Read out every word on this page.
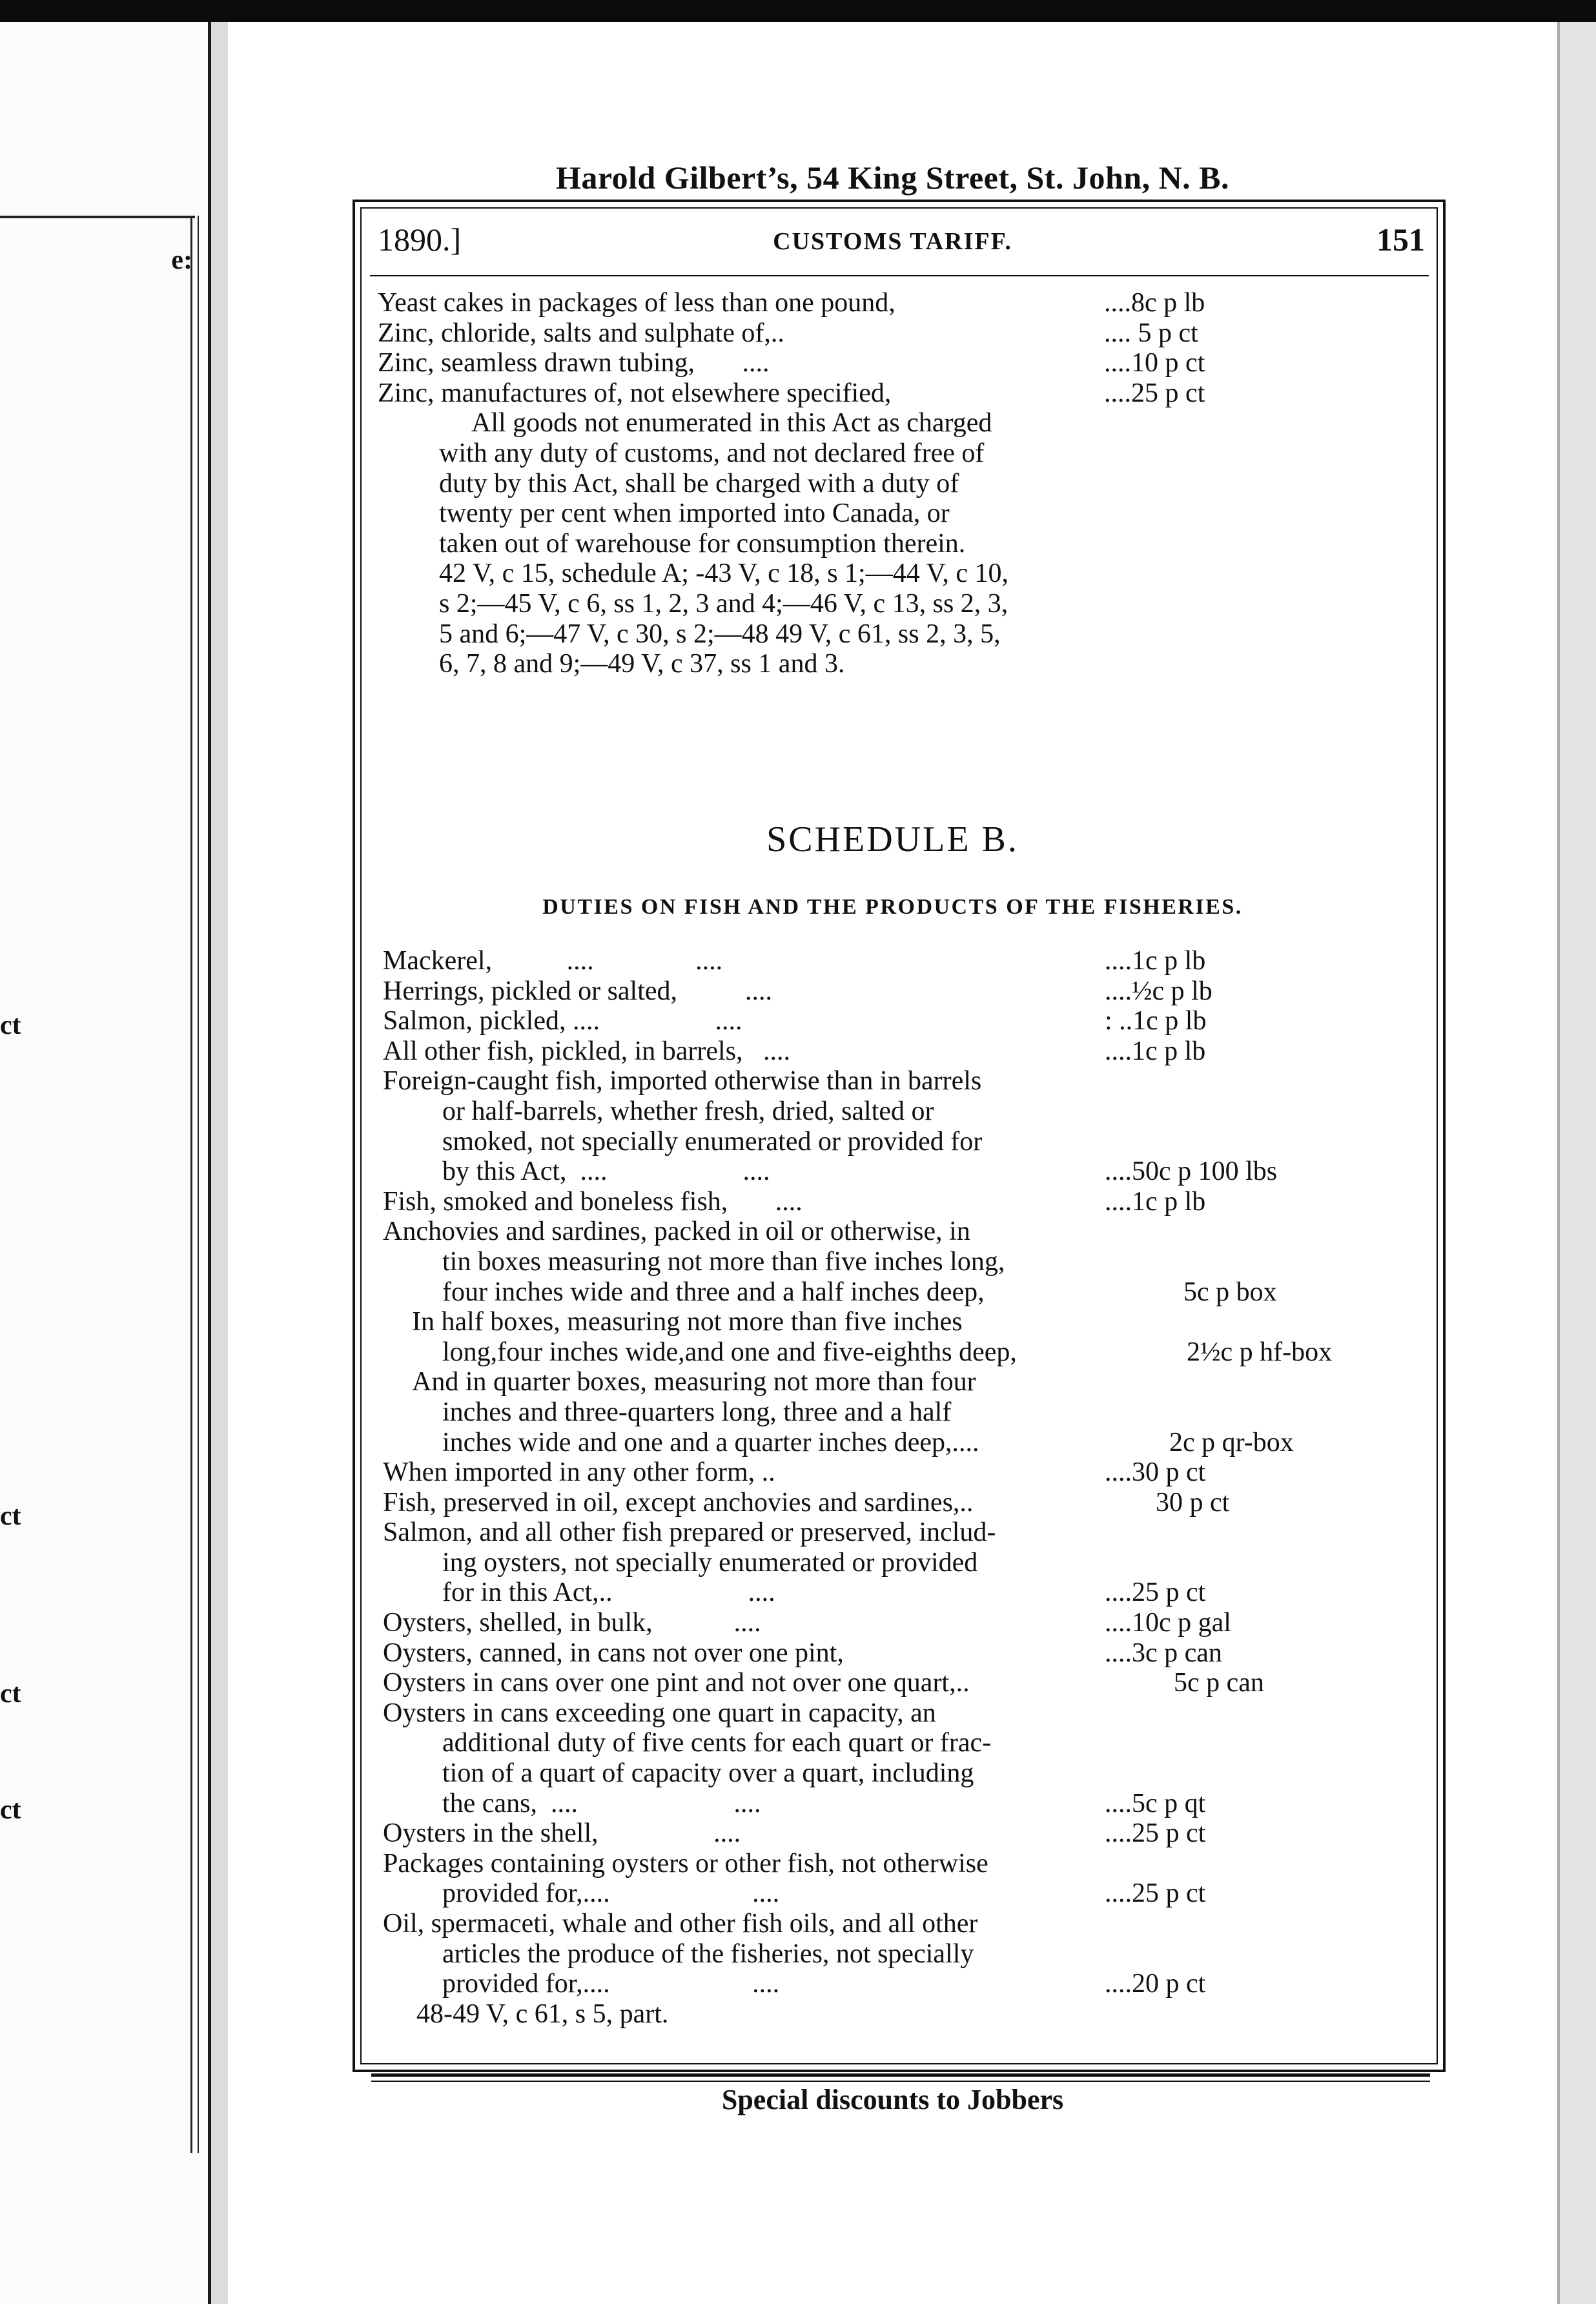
e:
ct
ct
ct
ct
Harold Gilbert’s, 54 King Street, St. John, N. B.
1890.]	CUSTOMS TARIFF.	151
Yeast cakes in packages of less than one pound,	....8c p lb
Zinc, chloride, salts and sulphate of,..	.... 5 p ct
Zinc, seamless drawn tubing,       ....	....10 p ct
Zinc, manufactures of, not elsewhere specified,	....25 p ct
All goods not enumerated in this Act as charged
with any duty of customs, and not declared free of
duty by this Act, shall be charged with a duty of
twenty per cent when imported into Canada, or
taken out of warehouse for consumption therein.
42 V, c 15, schedule A; -43 V, c 18, s 1;—44 V, c 10,
s 2;—45 V, c 6, ss 1, 2, 3 and 4;—46 V, c 13, ss 2, 3,
5 and 6;—47 V, c 30, s 2;—48 49 V, c 61, ss 2, 3, 5,
6, 7, 8 and 9;—49 V, c 37, ss 1 and 3.
SCHEDULE B.
DUTIES ON FISH AND THE PRODUCTS OF THE FISHERIES.
Mackerel,           ....               ....	....1c p lb
Herrings, pickled or salted,          ....	....½c p lb
Salmon, pickled, ....                 ....	: ..1c p lb
All other fish, pickled, in barrels,   ....	....1c p lb
Foreign-caught fish, imported otherwise than in barrels
or half-barrels, whether fresh, dried, salted or
smoked, not specially enumerated or provided for
by this Act,  ....                    ....	....50c p 100 lbs
Fish, smoked and boneless fish,       ....	....1c p lb
Anchovies and sardines, packed in oil or otherwise, in
tin boxes measuring not more than five inches long,
four inches wide and three and a half inches deep,	5c p box
In half boxes, measuring not more than five inches
long,four inches wide,and one and five-eighths deep,	2½c p hf-box
And in quarter boxes, measuring not more than four
inches and three-quarters long, three and a half
inches wide and one and a quarter inches deep,....	2c p qr-box
When imported in any other form, ..	....30 p ct
Fish, preserved in oil, except anchovies and sardines,..	30 p ct
Salmon, and all other fish prepared or preserved, includ-
ing oysters, not specially enumerated or provided
for in this Act,..                    ....	....25 p ct
Oysters, shelled, in bulk,            ....	....10c p gal
Oysters, canned, in cans not over one pint,	....3c p can
Oysters in cans over one pint and not over one quart,..	5c p can
Oysters in cans exceeding one quart in capacity, an
additional duty of five cents for each quart or frac-
tion of a quart of capacity over a quart, including
the cans,  ....                       ....	....5c p qt
Oysters in the shell,                 ....	....25 p ct
Packages containing oysters or other fish, not otherwise
provided for,....                     ....	....25 p ct
Oil, spermaceti, whale and other fish oils, and all other
articles the produce of the fisheries, not specially
provided for,....                     ....	....20 p ct
48-49 V, c 61, s 5, part.
Special discounts to Jobbers
